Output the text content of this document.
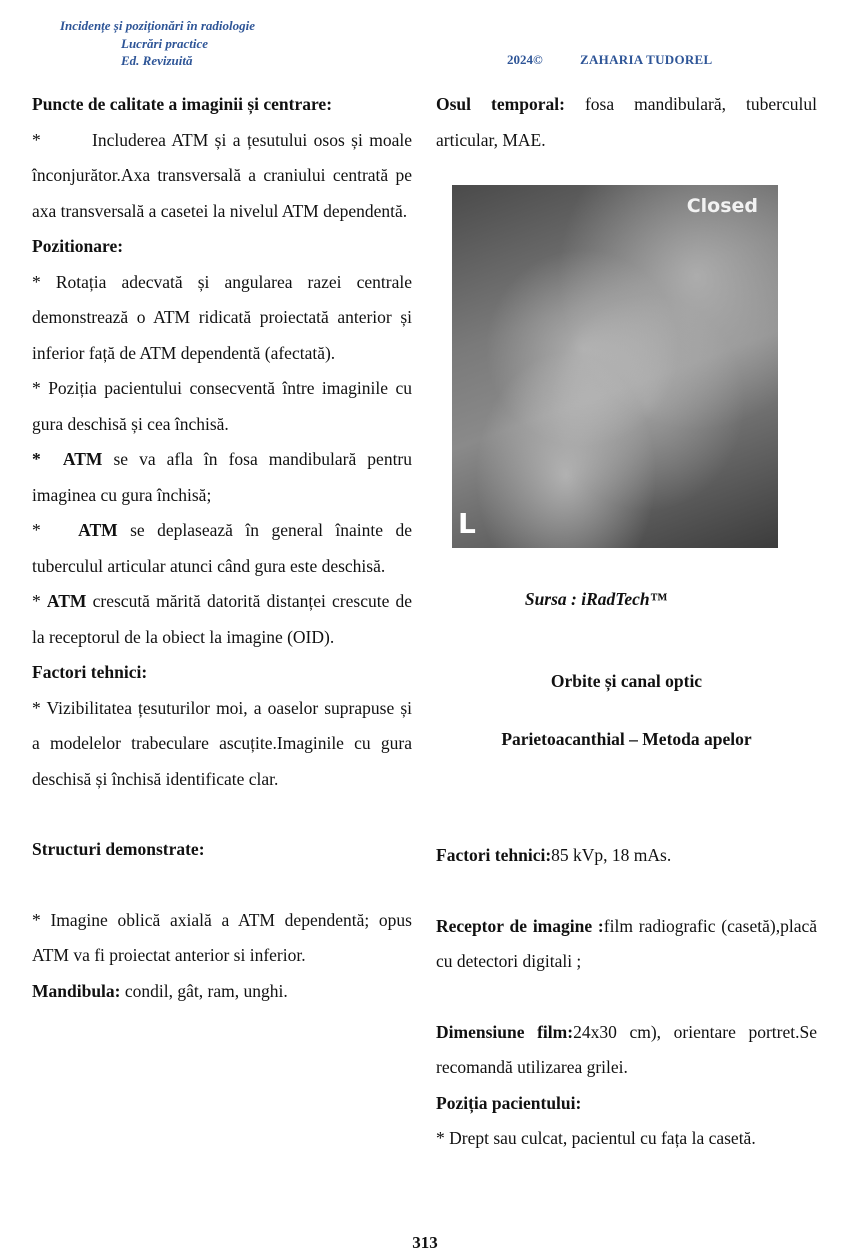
Incidențe și poziționări în radiologie
Lucrări practice
Ed. Revizuită	2024©	ZAHARIA TUDOREL

Puncte de calitate a imaginii și centrare:

*	Includerea ATM și a țesutului osos și moale înconjurător.Axa transversală a craniului centrată pe axa transversală a casetei la nivelul ATM dependentă.

Pozitionare:

* Rotația adecvată și angularea razei centrale demonstrează o ATM ridicată proiectată anterior și inferior față de ATM dependentă (afectată).

* Poziția pacientului consecventă între imaginile cu gura deschisă și cea închisă.

* ATM se va afla în fosa mandibulară pentru imaginea cu gura închisă;

* ATM se deplasează în general înainte de tuberculul articular atunci când gura este deschisă.

* ATM crescută mărită datorită distanței crescute de la receptorul de la obiect la imagine (OID).

Factori tehnici:

* Vizibilitatea țesuturilor moi, a oaselor suprapuse și a modelelor trabeculare ascuțite.Imaginile cu gura deschisă și închisă identificate clar.

Structuri demonstrate:

* Imagine oblică axială a ATM dependentă; opus ATM va fi proiectat anterior si inferior.

Mandibula: condil, gât, ram, unghi.

Osul temporal: fosa mandibulară, tuberculul articular, MAE.

Closed
L
Sursa : iRadTech™
Orbite și canal optic
Parietoacanthial – Metoda apelor

Factori tehnici:85 kVp, 18 mAs.

Receptor de imagine :film radiografic (casetă),placă cu detectori digitali ;

Dimensiune film:24x30 cm), orientare portret.Se recomandă utilizarea grilei.

Poziția pacientului:

* Drept sau culcat, pacientul cu fața la casetă.

313
